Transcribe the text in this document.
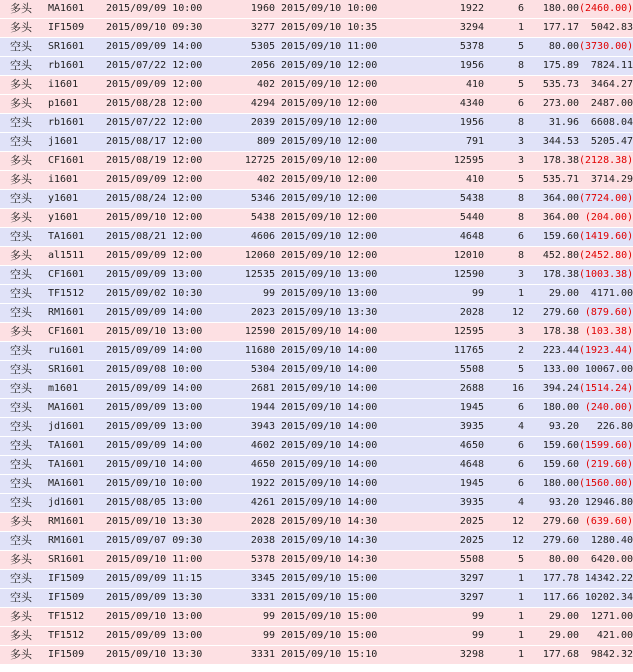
多头	MA1601	2015/09/09 10:00	1960	2015/09/10 10:00	1922	6	180.00	(2460.00)
多头	IF1509	2015/09/10 09:30	3277	2015/09/10 10:35	3294	1	177.17	5042.83
空头	SR1601	2015/09/09 14:00	5305	2015/09/10 11:00	5378	5	80.00	(3730.00)
空头	rb1601	2015/07/22 12:00	2056	2015/09/10 12:00	1956	8	175.89	7824.11
多头	i1601	2015/09/09 12:00	402	2015/09/10 12:00	410	5	535.73	3464.27
多头	p1601	2015/08/28 12:00	4294	2015/09/10 12:00	4340	6	273.00	2487.00
空头	rb1601	2015/07/22 12:00	2039	2015/09/10 12:00	1956	8	31.96	6608.04
空头	j1601	2015/08/17 12:00	809	2015/09/10 12:00	791	3	344.53	5205.47
多头	CF1601	2015/08/19 12:00	12725	2015/09/10 12:00	12595	3	178.38	(2128.38)
多头	i1601	2015/09/09 12:00	402	2015/09/10 12:00	410	5	535.71	3714.29
空头	y1601	2015/08/24 12:00	5346	2015/09/10 12:00	5438	8	364.00	(7724.00)
多头	y1601	2015/09/10 12:00	5438	2015/09/10 12:00	5440	8	364.00	(204.00)
空头	TA1601	2015/08/21 12:00	4606	2015/09/10 12:00	4648	6	159.60	(1419.60)
多头	al1511	2015/09/09 12:00	12060	2015/09/10 12:00	12010	8	452.80	(2452.80)
空头	CF1601	2015/09/09 13:00	12535	2015/09/10 13:00	12590	3	178.38	(1003.38)
空头	TF1512	2015/09/02 10:30	99	2015/09/10 13:00	99	1	29.00	4171.00
空头	RM1601	2015/09/09 14:00	2023	2015/09/10 13:30	2028	12	279.60	(879.60)
多头	CF1601	2015/09/10 13:00	12590	2015/09/10 14:00	12595	3	178.38	(103.38)
空头	ru1601	2015/09/09 14:00	11680	2015/09/10 14:00	11765	2	223.44	(1923.44)
空头	SR1601	2015/09/08 10:00	5304	2015/09/10 14:00	5508	5	133.00	10067.00
空头	m1601	2015/09/09 14:00	2681	2015/09/10 14:00	2688	16	394.24	(1514.24)
空头	MA1601	2015/09/09 13:00	1944	2015/09/10 14:00	1945	6	180.00	(240.00)
空头	jd1601	2015/09/09 13:00	3943	2015/09/10 14:00	3935	4	93.20	226.80
空头	TA1601	2015/09/09 14:00	4602	2015/09/10 14:00	4650	6	159.60	(1599.60)
空头	TA1601	2015/09/10 14:00	4650	2015/09/10 14:00	4648	6	159.60	(219.60)
空头	MA1601	2015/09/10 10:00	1922	2015/09/10 14:00	1945	6	180.00	(1560.00)
空头	jd1601	2015/08/05 13:00	4261	2015/09/10 14:00	3935	4	93.20	12946.80
多头	RM1601	2015/09/10 13:30	2028	2015/09/10 14:30	2025	12	279.60	(639.60)
空头	RM1601	2015/09/07 09:30	2038	2015/09/10 14:30	2025	12	279.60	1280.40
多头	SR1601	2015/09/10 11:00	5378	2015/09/10 14:30	5508	5	80.00	6420.00
空头	IF1509	2015/09/09 11:15	3345	2015/09/10 15:00	3297	1	177.78	14342.22
空头	IF1509	2015/09/09 13:30	3331	2015/09/10 15:00	3297	1	117.66	10202.34
多头	TF1512	2015/09/10 13:00	99	2015/09/10 15:00	99	1	29.00	1271.00
多头	TF1512	2015/09/09 13:00	99	2015/09/10 15:00	99	1	29.00	421.00
多头	IF1509	2015/09/10 13:30	3331	2015/09/10 15:10	3298	1	177.68	9842.32
